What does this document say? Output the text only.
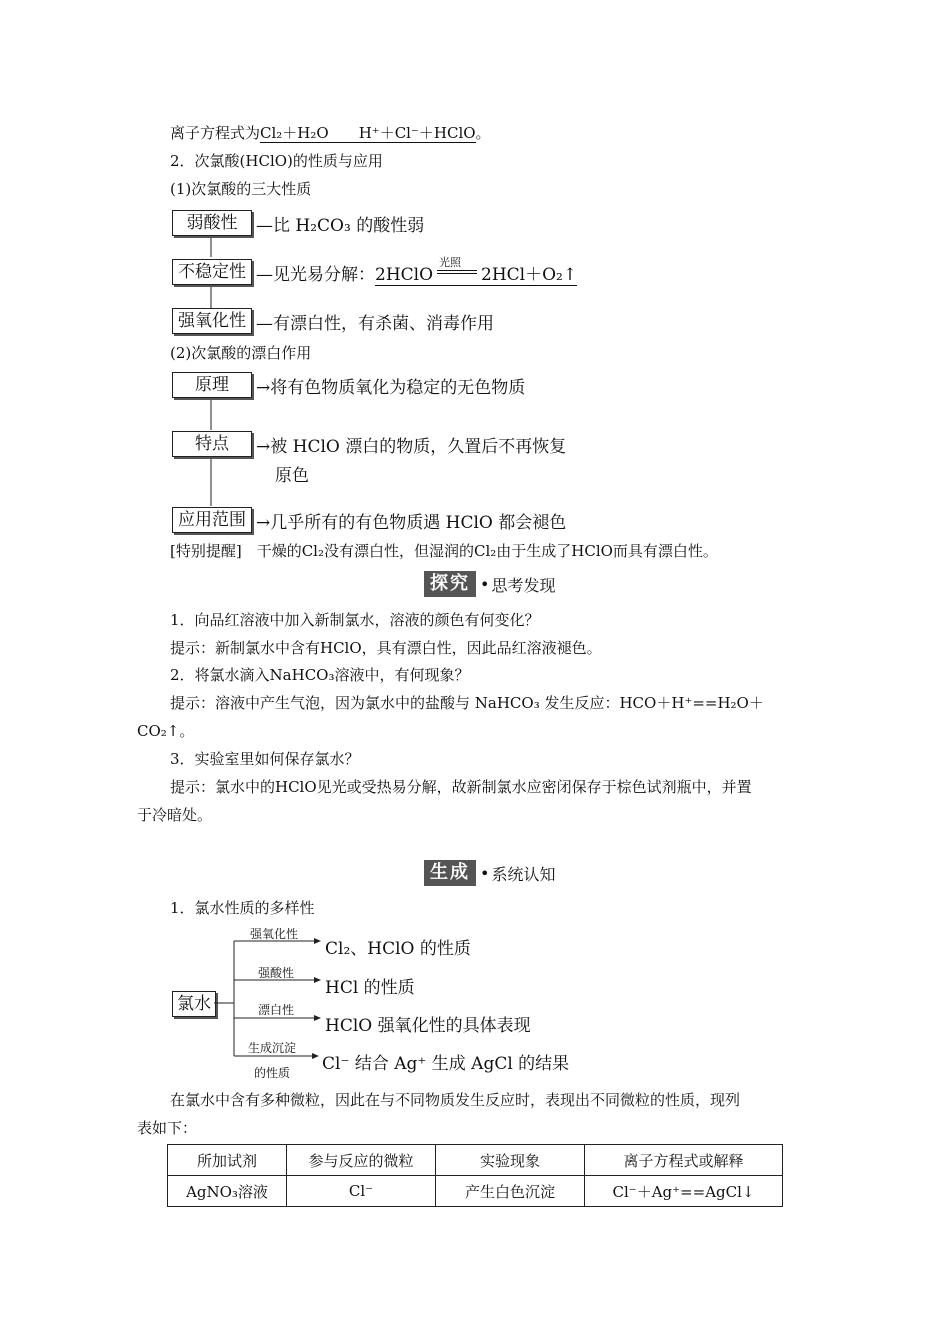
离子方程式为Cl₂＋H₂O　　H⁺＋Cl⁻＋HClO。
2．次氯酸(HClO)的性质与应用
(1)次氯酸的三大性质
弱酸性	—比 H₂CO₃ 的酸性弱
不稳定性 —见光易分解：2HClO
光照
2HCl＋O₂↑
强氧化性 —有漂白性，有杀菌、消毒作用
(2)次氯酸的漂白作用
原理	→将有色物质氧化为稳定的无色物质
特点	→被 HClO 漂白的物质，久置后不再恢复
原色
应用范围 →几乎所有的有色物质遇 HClO 都会褪色
[特别提醒]　干燥的Cl₂没有漂白性，但湿润的Cl₂由于生成了HClO而具有漂白性。
探究 • 思考发现
1．向品红溶液中加入新制氯水，溶液的颜色有何变化？
提示：新制氯水中含有HClO，具有漂白性，因此品红溶液褪色。
2．将氯水滴入NaHCO₃溶液中，有何现象？
提示：溶液中产生气泡，因为氯水中的盐酸与 NaHCO₃ 发生反应：HCO＋H⁺==H₂O＋
CO₂↑。
3．实验室里如何保存氯水？
提示：氯水中的HClO见光或受热易分解，故新制氯水应密闭保存于棕色试剂瓶中，并置
于冷暗处。
生成 • 系统认知
1．氯水性质的多样性
氯水
强氧化性
Cl₂、HClO 的性质
强酸性
HCl 的性质
漂白性
HClO 强氧化性的具体表现
生成沉淀
的性质 Cl⁻ 结合 Ag⁺ 生成 AgCl 的结果
在氯水中含有多种微粒，因此在与不同物质发生反应时，表现出不同微粒的性质，现列
表如下：
所加试剂	参与反应的微粒	实验现象	离子方程式或解释
AgNO₃溶液	Cl⁻	产生白色沉淀	Cl⁻＋Ag⁺==AgCl↓
